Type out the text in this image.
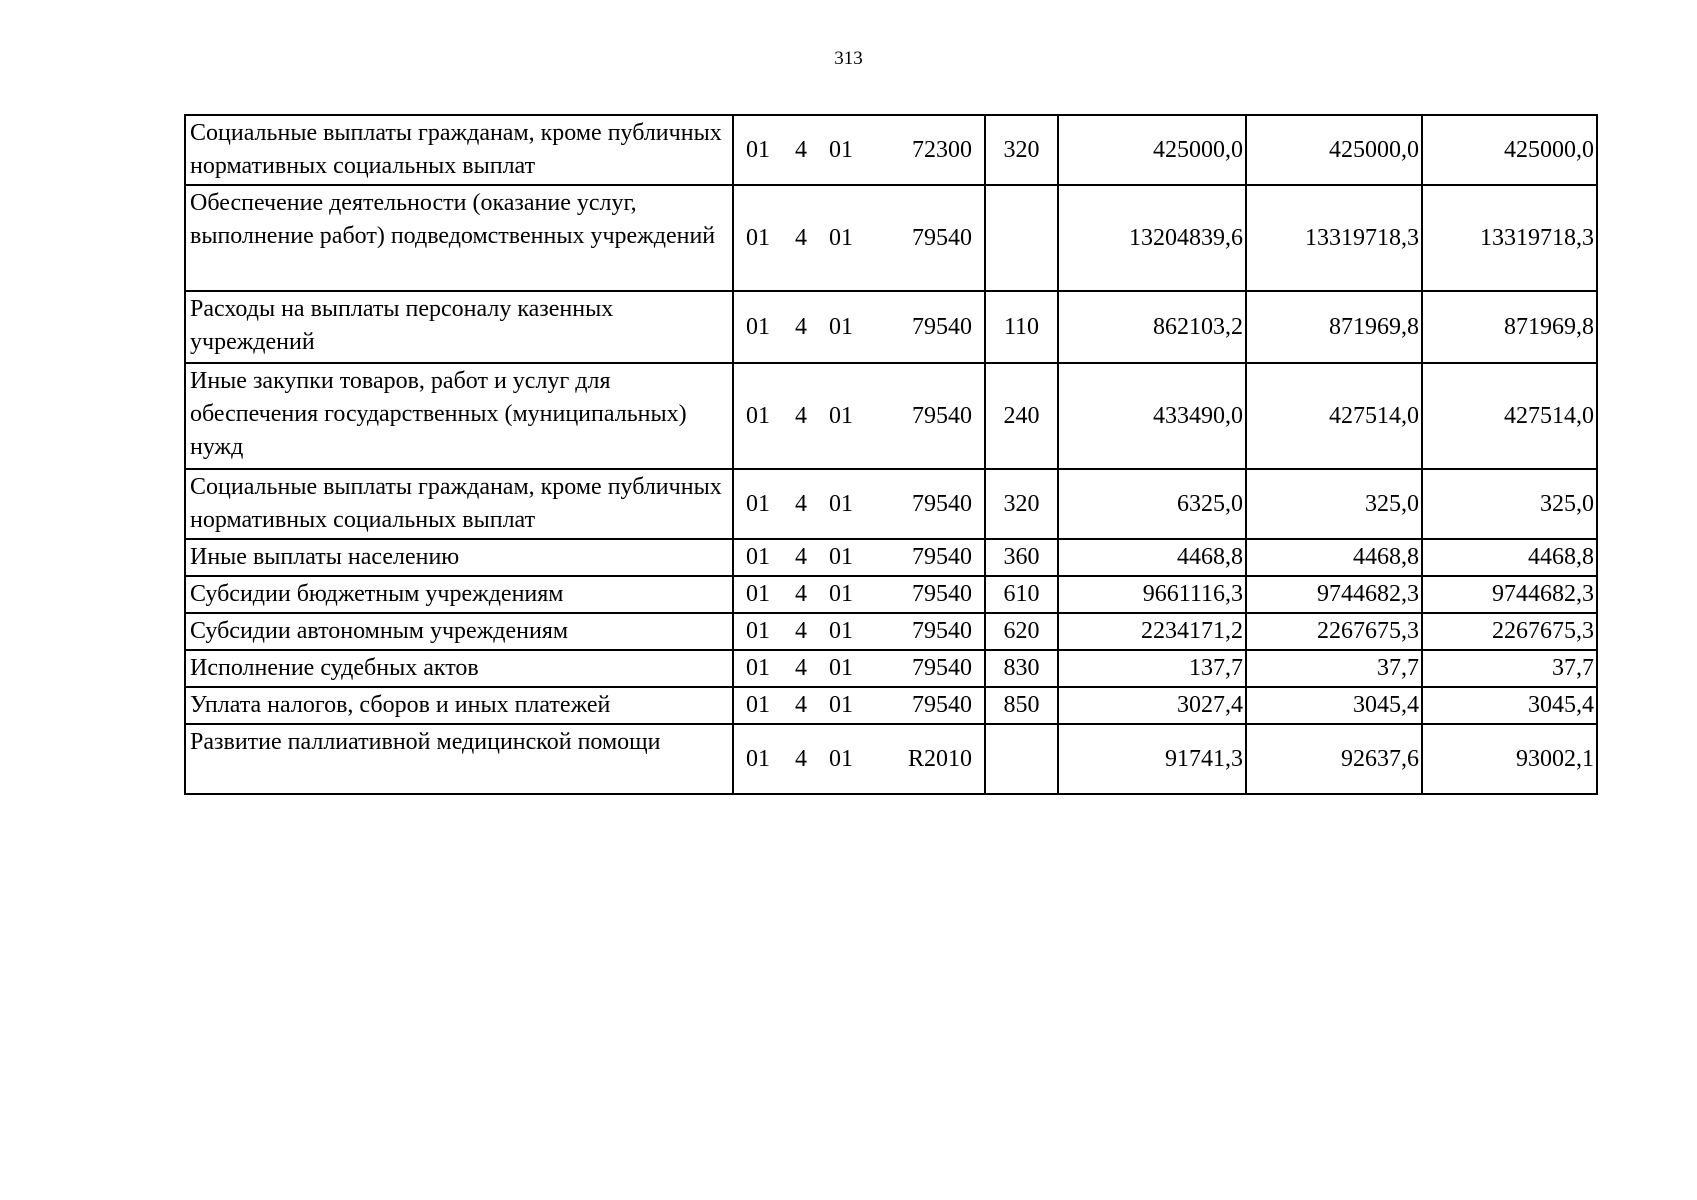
313
Социальные выплаты гражданам, кроме публичных нормативных социальных выплат	01 4 01 72300	320	425000,0	425000,0	425000,0
Обеспечение деятельности (оказание услуг, выполнение работ) подведомственных учреждений	01 4 01 79540		13204839,6	13319718,3	13319718,3
Расходы на выплаты персоналу казенных учреждений	01 4 01 79540	110	862103,2	871969,8	871969,8
Иные закупки товаров, работ и услуг для обеспечения государственных (муниципальных) нужд	01 4 01 79540	240	433490,0	427514,0	427514,0
Социальные выплаты гражданам, кроме публичных нормативных социальных выплат	01 4 01 79540	320	6325,0	325,0	325,0
Иные выплаты населению	01 4 01 79540	360	4468,8	4468,8	4468,8
Субсидии бюджетным учреждениям	01 4 01 79540	610	9661116,3	9744682,3	9744682,3
Субсидии автономным учреждениям	01 4 01 79540	620	2234171,2	2267675,3	2267675,3
Исполнение судебных актов	01 4 01 79540	830	137,7	37,7	37,7
Уплата налогов, сборов и иных платежей	01 4 01 79540	850	3027,4	3045,4	3045,4
Развитие паллиативной медицинской помощи	01 4 01 R2010		91741,3	92637,6	93002,1
